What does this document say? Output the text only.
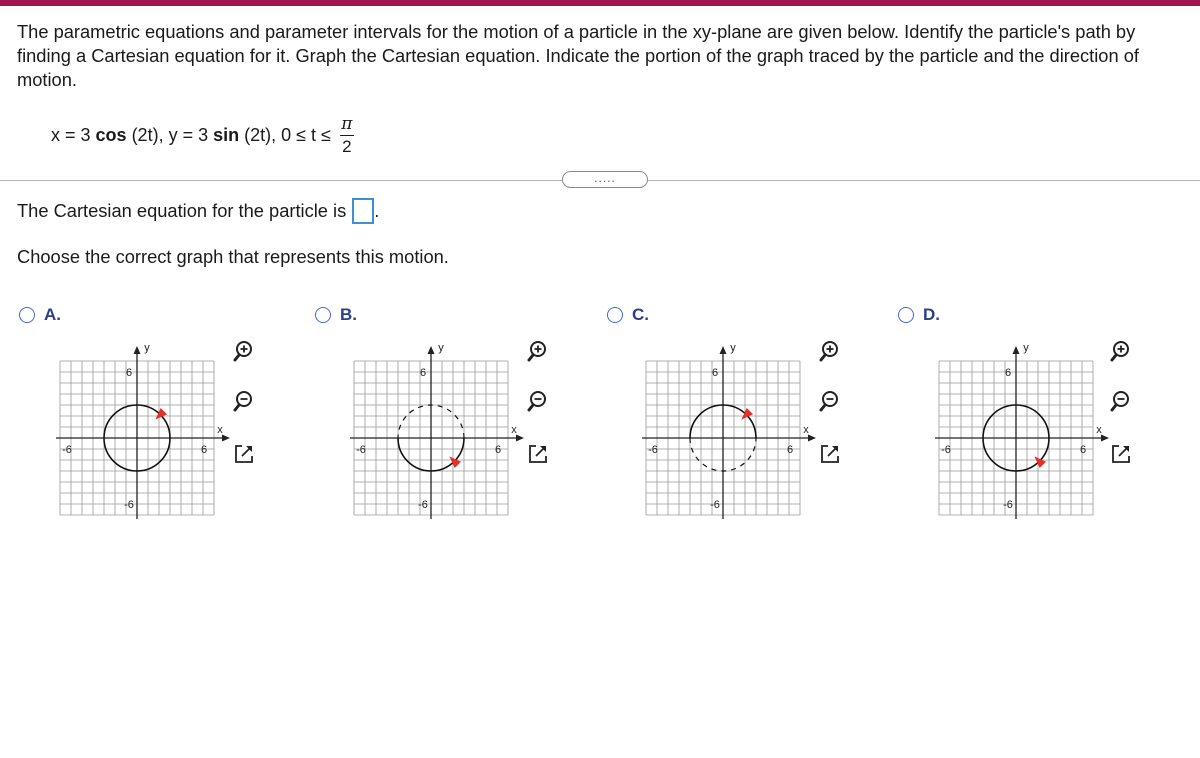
The parametric equations and parameter intervals for the motion of a particle in the xy-plane are given below. Identify the particle's path by finding a Cartesian equation for it. Graph the Cartesian equation. Indicate the portion of the graph traced by the particle and the direction of motion.
x = 3 cos (2t), y = 3 sin (2t), $0 \le t \le \frac{\pi}{2}$
.....
The Cartesian equation for the particle is .
Choose the correct graph that represents this motion.
A.
y
x
6
-6
-6	6
B.
y
x
6
-6
-6	6
C.
y
x
6
-6
-6	6
D.
y
x
6
-6
-6	6
